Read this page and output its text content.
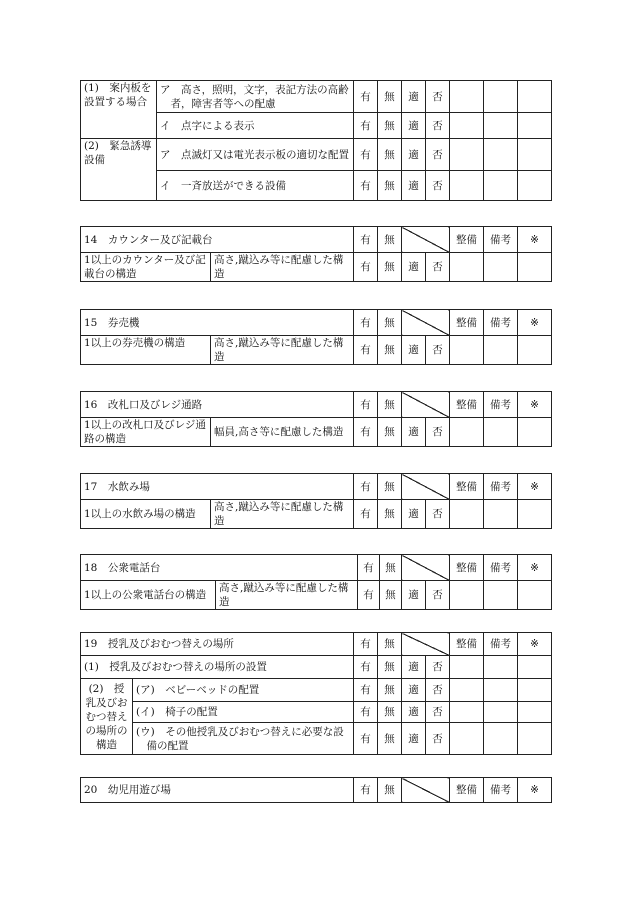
(1)　案内板を設置する場合	ア　高さ，照明，文字，表記方法の高齢者，障害者等への配慮	有	無	適	否			
	イ　点字による表示	有	無	適	否			
(2)　緊急誘導設備	ア　点滅灯又は電光表示板の適切な配置	有	無	適	否			
	イ　一斉放送ができる設備	有	無	適	否			
14　カウンター及び記載台		有	無			整備	備考	※
1以上のカウンター及び記載台の構造	高さ,蹴込み等に配慮した構造	有	無	適	否			
15　券売機		有	無			整備	備考	※
1以上の券売機の構造	高さ,蹴込み等に配慮した構造	有	無	適	否			
16　改札口及びレジ通路		有	無			整備	備考	※
1以上の改札口及びレジ通路の構造	幅員,高さ等に配慮した構造	有	無	適	否			
17　水飲み場		有	無			整備	備考	※
1以上の水飲み場の構造	高さ,蹴込み等に配慮した構造	有	無	適	否			
18　公衆電話台		有	無			整備	備考	※
1以上の公衆電話台の構造	高さ,蹴込み等に配慮した構造	有	無	適	否			
19　授乳及びおむつ替えの場所		有	無			整備	備考	※
(1)　授乳及びおむつ替えの場所の設置		有	無	適	否			
(2)　授乳及びおむつ替えの場所の構造	(ア)　ベビーベッドの配置	有	無	適	否			
	(イ)　椅子の配置	有	無	適	否			
	(ウ)　その他授乳及びおむつ替えに必要な設備の配置	有	無	適	否			
20　幼児用遊び場	有	無		整備	備考	※
